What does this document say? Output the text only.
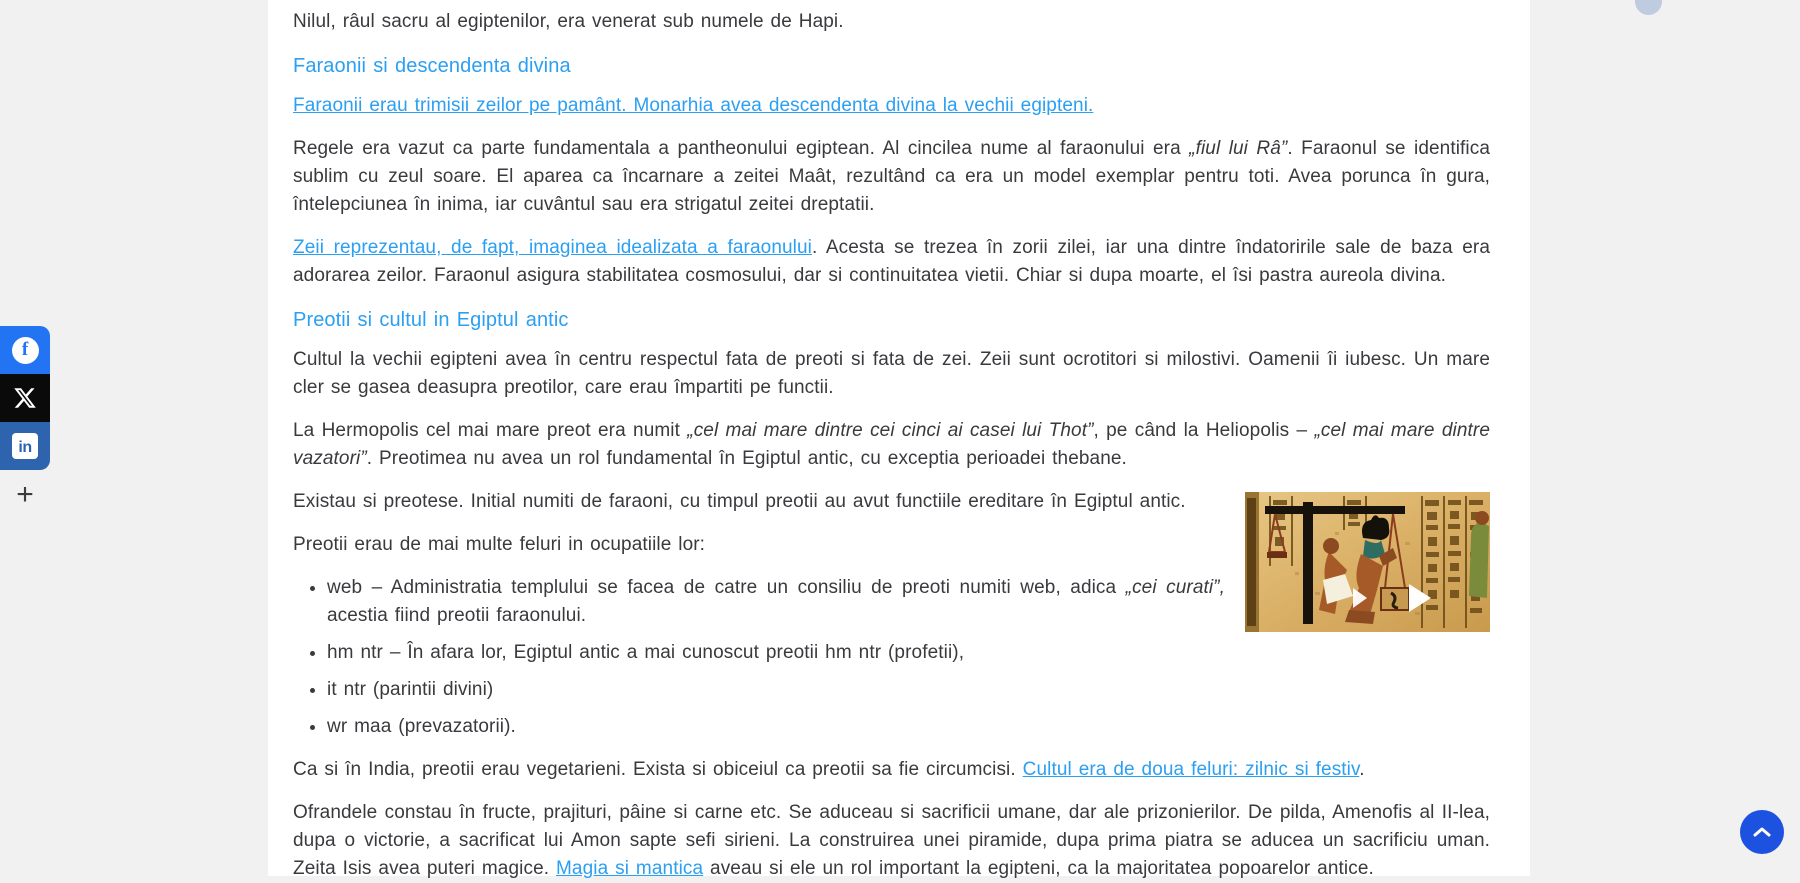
f
in
+

Nilul, râul sacru al egiptenilor, era venerat sub numele de Hapi.

Faraonii si descendenta divina

Faraonii erau trimisii zeilor pe pamânt. Monarhia avea descendenta divina la vechii egipteni.

Regele era vazut ca parte fundamentala a pantheonului egiptean. Al cincilea nume al faraonului era „fiul lui Râ”. Faraonul se identifica sublim cu zeul soare. El aparea ca încarnare a zeitei Maât, rezultând ca era un model exemplar pentru toti. Avea porunca în gura, întelepciunea în inima, iar cuvântul sau era strigatul zeitei dreptatii.

Zeii reprezentau, de fapt, imaginea idealizata a faraonului. Acesta se trezea în zorii zilei, iar una dintre îndatoririle sale de baza era adorarea zeilor. Faraonul asigura stabilitatea cosmosului, dar si continuitatea vietii. Chiar si dupa moarte, el îsi pastra aureola divina.

Preotii si cultul in Egiptul antic

Cultul la vechii egipteni avea în centru respectul fata de preoti si fata de zei. Zeii sunt ocrotitori si milostivi. Oamenii îi iubesc. Un mare cler se gasea deasupra preotilor, care erau împartiti pe functii.

La Hermopolis cel mai mare preot era numit „cel mai mare dintre cei cinci ai casei lui Thot”, pe când la Heliopolis – „cel mai mare dintre vazatori”. Preotimea nu avea un rol fundamental în Egiptul antic, cu exceptia perioadei thebane.

Existau si preotese. Initial numiti de faraoni, cu timpul preotii au avut functiile ereditare în Egiptul antic.

Preotii erau de mai multe feluri in ocupatiile lor:

• web – Administratia templului se facea de catre un consiliu de preoti numiti web, adica „cei curati”, acestia fiind preotii faraonului.
• hm ntr – În afara lor, Egiptul antic a mai cunoscut preotii hm ntr (profetii),
• it ntr (parintii divini)
• wr maa (prevazatorii).

Ca si în India, preotii erau vegetarieni. Exista si obiceiul ca preotii sa fie circumcisi. Cultul era de doua feluri: zilnic si festiv.

Ofrandele constau în fructe, prajituri, pâine si carne etc. Se aduceau si sacrificii umane, dar ale prizonierilor. De pilda, Amenofis al II-lea, dupa o victorie, a sacrificat lui Amon sapte sefi sirieni. La construirea unei piramide, dupa prima piatra se aducea un sacrificiu uman. Zeita Isis avea puteri magice. Magia si mantica aveau si ele un rol important la egipteni, ca la majoritatea popoarelor antice.
